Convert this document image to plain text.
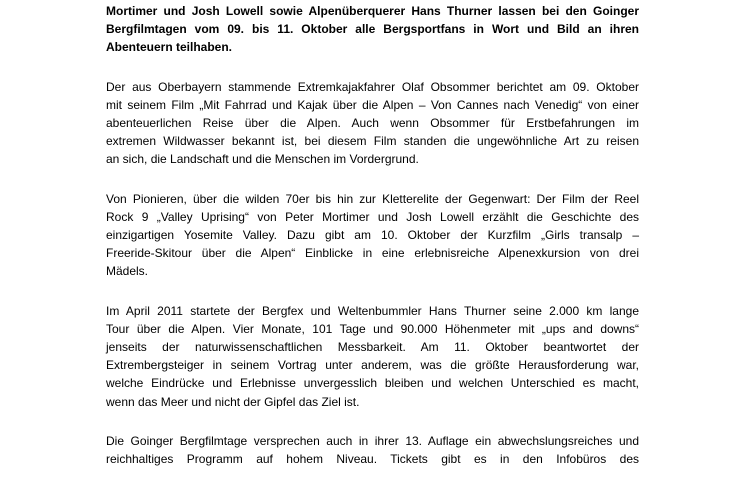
Mortimer und Josh Lowell sowie Alpenüberquerer Hans Thurner lassen bei den Goinger
Bergfilmtagen vom 09. bis 11. Oktober alle Bergsportfans in Wort und Bild an ihren
Abenteuern teilhaben.

Der aus Oberbayern stammende Extremkajakfahrer Olaf Obsommer berichtet am 09. Oktober
mit seinem Film „Mit Fahrrad und Kajak über die Alpen – Von Cannes nach Venedig“ von einer
abenteuerlichen Reise über die Alpen. Auch wenn Obsommer für Erstbefahrungen im
extremen Wildwasser bekannt ist, bei diesem Film standen die ungewöhnliche Art zu reisen
an sich, die Landschaft und die Menschen im Vordergrund.

Von Pionieren, über die wilden 70er bis hin zur Kletterelite der Gegenwart: Der Film der Reel
Rock 9 „Valley Uprising“ von Peter Mortimer und Josh Lowell erzählt die Geschichte des
einzigartigen Yosemite Valley. Dazu gibt am 10. Oktober der Kurzfilm „Girls transalp –
Freeride-Skitour über die Alpen“ Einblicke in eine erlebnisreiche Alpenexkursion von drei
Mädels.

Im April 2011 startete der Bergfex und Weltenbummler Hans Thurner seine 2.000 km lange
Tour über die Alpen. Vier Monate, 101 Tage und 90.000 Höhenmeter mit „ups and downs“
jenseits der naturwissenschaftlichen Messbarkeit. Am 11. Oktober beantwortet der
Extrembergsteiger in seinem Vortrag unter anderem, was die größte Herausforderung war,
welche Eindrücke und Erlebnisse unvergesslich bleiben und welchen Unterschied es macht,
wenn das Meer und nicht der Gipfel das Ziel ist.

Die Goinger Bergfilmtage versprechen auch in ihrer 13. Auflage ein abwechslungsreiches und
reichhaltiges Programm auf hohem Niveau. Tickets gibt es in den Infobüros des
